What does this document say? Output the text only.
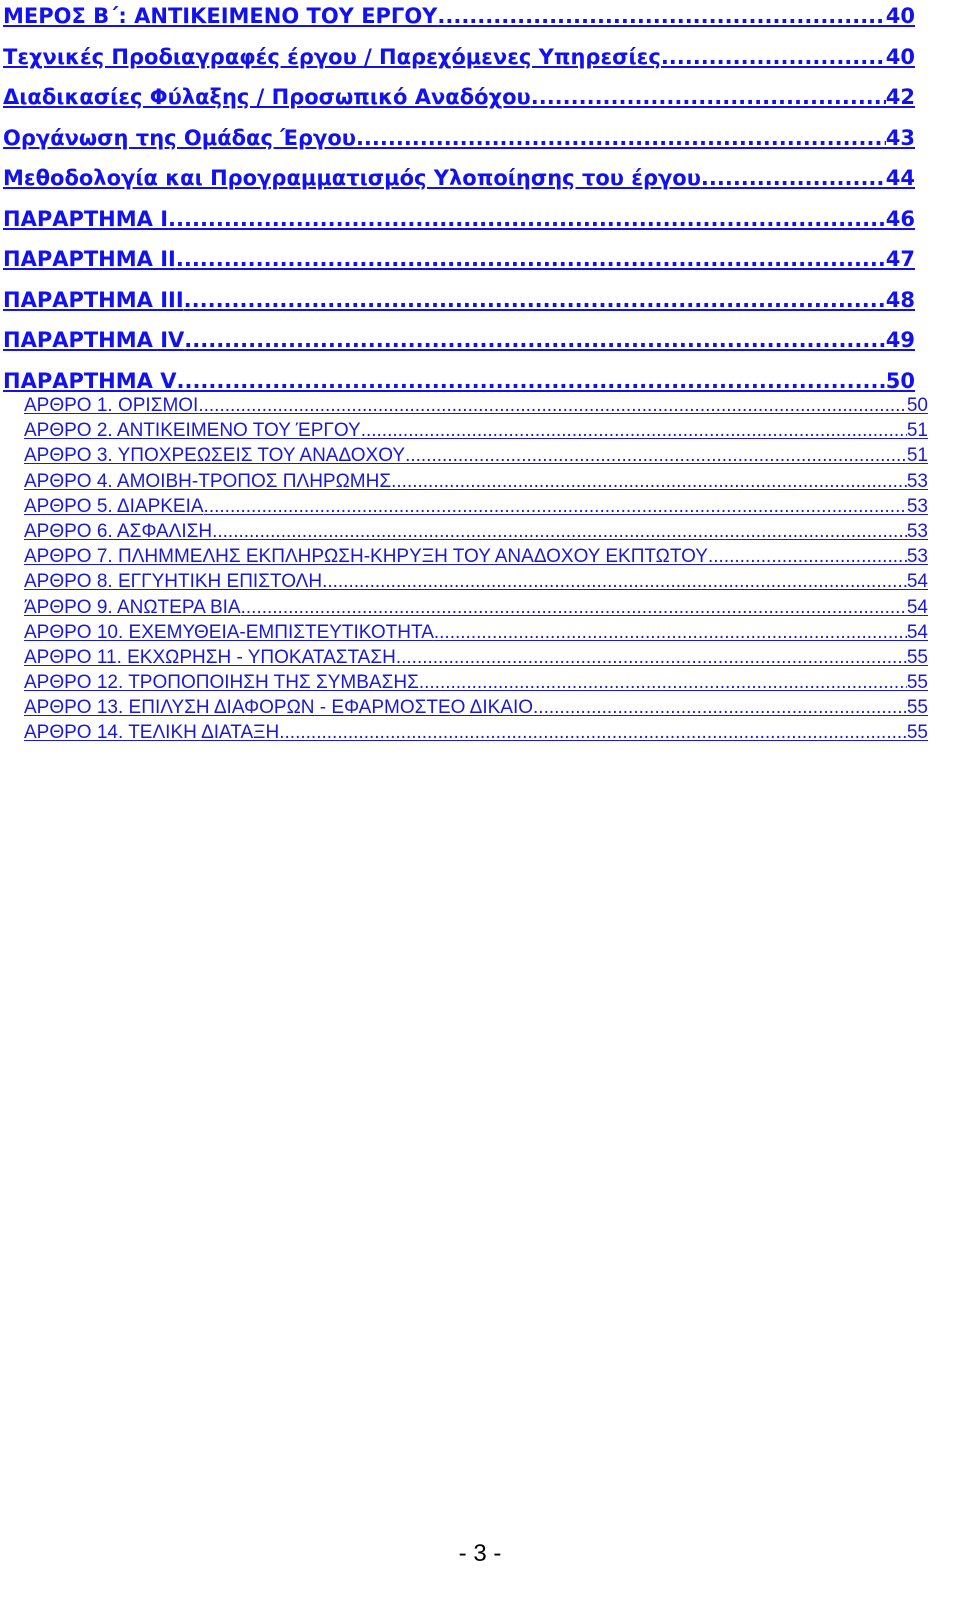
ΜΕΡΟΣ Β΄: ΑΝΤΙΚΕΙΜΕΝΟ ΤΟΥ ΕΡΓΟΥ .....	40
Τεχνικές Προδιαγραφές έργου / Παρεχόμενες Υπηρεσίες .....	40
Διαδικασίες Φύλαξης / Προσωπικό Αναδόχου .....	42
Οργάνωση της Ομάδας Έργου .....	43
Μεθοδολογία και Προγραμματισμός Υλοποίησης του έργου .....	44
ΠΑΡΑΡΤΗΜΑ Ι .....	46
ΠΑΡΑΡΤΗΜΑ ΙΙ .....	47
ΠΑΡΑΡΤΗΜΑ ΙΙΙ .....	48
ΠΑΡΑΡΤΗΜΑ ΙV .....	49
ΠΑΡΑΡΤΗΜΑ V .....	50
ΑΡΘΡΟ 1. ΟΡΙΣΜΟΙ .....	50
ΑΡΘΡΟ 2. ΑΝΤΙΚΕΙΜΕΝΟ ΤΟΥ ΈΡΓΟΥ .....	51
ΑΡΘΡΟ 3. ΥΠΟΧΡΕΩΣΕΙΣ ΤΟΥ ΑΝΑΔΟΧΟΥ .....	51
ΑΡΘΡΟ 4. ΑΜΟΙΒΗ-ΤΡΟΠΟΣ ΠΛΗΡΩΜΗΣ .....	53
ΑΡΘΡΟ 5. ΔΙΑΡΚΕΙΑ .....	53
ΑΡΘΡΟ 6. ΑΣΦΑΛΙΣΗ .....	53
ΑΡΘΡΟ 7. ΠΛΗΜΜΕΛΗΣ ΕΚΠΛΗΡΩΣΗ-ΚΗΡΥΞΗ ΤΟΥ ΑΝΑΔΟΧΟΥ ΕΚΠΤΩΤΟΥ .....	53
ΑΡΘΡΟ 8. ΕΓΓΥΗΤΙΚΗ ΕΠΙΣΤΟΛΗ .....	54
ΆΡΘΡΟ 9. ΑΝΩΤΕΡΑ ΒΙΑ .....	54
ΑΡΘΡΟ 10. ΕΧΕΜΥΘΕΙΑ-ΕΜΠΙΣΤΕΥΤΙΚΟΤΗΤΑ .....	54
ΑΡΘΡΟ 11. ΕΚΧΩΡΗΣΗ - ΥΠΟΚΑΤΑΣΤΑΣΗ .....	55
ΑΡΘΡΟ 12. ΤΡΟΠΟΠΟΙΗΣΗ ΤΗΣ ΣΥΜΒΑΣΗΣ .....	55
ΑΡΘΡΟ 13. ΕΠΙΛΥΣΗ ΔΙΑΦΟΡΩΝ - ΕΦΑΡΜΟΣΤΕΟ ΔΙΚΑΙΟ .....	55
ΑΡΘΡΟ 14. ΤΕΛΙΚΗ ΔΙΑΤΑΞΗ .....	55
- 3 -
